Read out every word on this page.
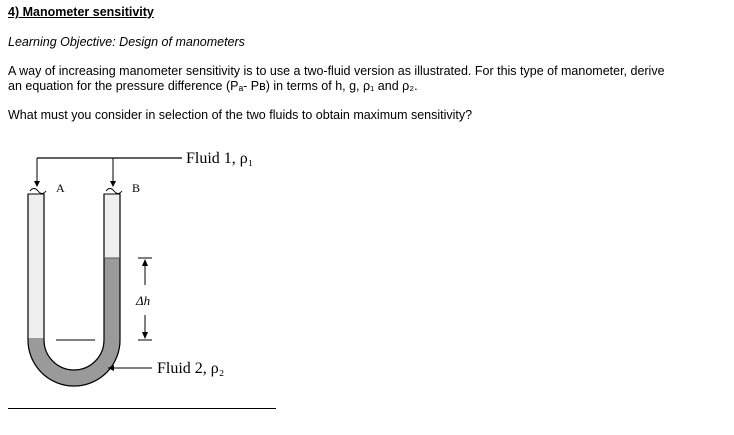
4) Manometer sensitivity
Learning Objective: Design of manometers
A way of increasing manometer sensitivity is to use a two-fluid version as illustrated. For this type of manometer, derive
an equation for the pressure difference (Pₐ- Pʙ) in terms of h, g, ρ₁ and ρ₂.
What must you consider in selection of the two fluids to obtain maximum sensitivity?
Fluid 1, ρ₁
A	B
Δh
Fluid 2, ρ₂
